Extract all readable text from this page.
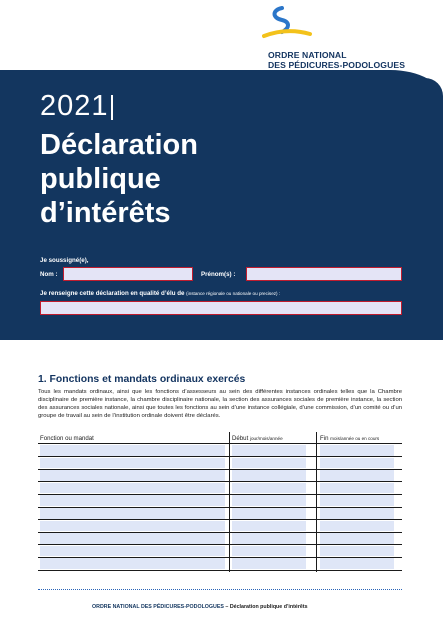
ORDRE NATIONAL
DES PÉDICURES-PODOLOGUES
2021
Déclaration
publique
d’intérêts
Je soussigné(e),
Nom :	Prénom(s) :
Je renseigne cette déclaration en qualité d’élu de (instance régionale ou nationale ou precisez) :
1. Fonctions et mandats ordinaux exercés
Tous les mandats ordinaux, ainsi que les fonctions d’assesseurs au sein des différentes instances ordinales telles que la Chambre disciplinaire de première instance, la chambre disciplinaire nationale, la section des assurances sociales de première instance, la section des assurances sociales nationale, ainsi que toutes les fonctions au sein d’une instance collégiale, d’une commission, d’un comité ou d’un groupe de travail au sein de l’institution ordinale doivent être déclarés.
Fonction ou mandat	Début jour/mois/année	Fin mois/année ou en cours
ORDRE NATIONAL DES PÉDICURES-PODOLOGUES – Déclaration publique d’intérêts
